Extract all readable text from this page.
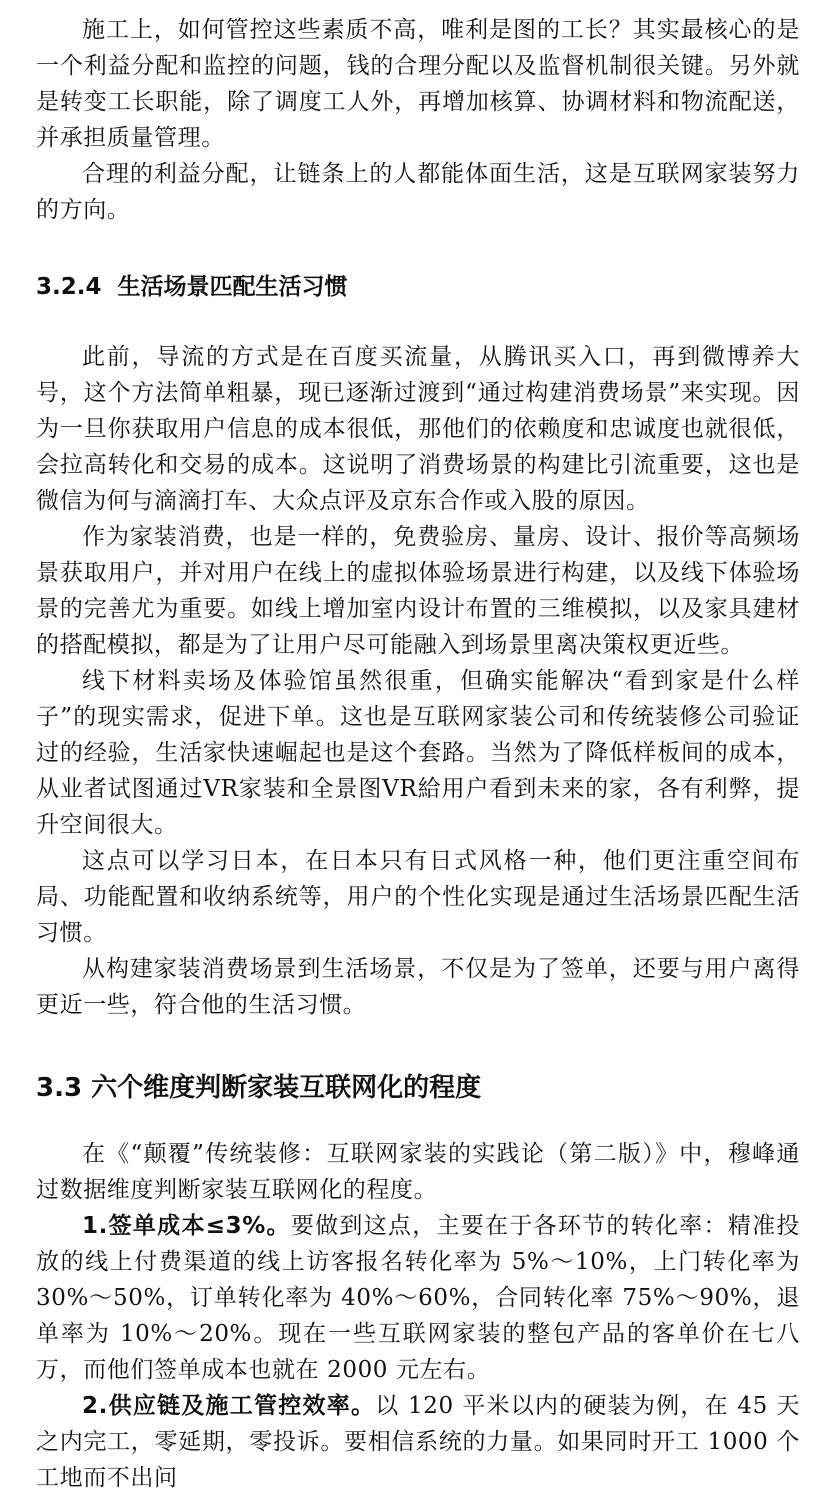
施工上，如何管控这些素质不高，唯利是图的工长？其实最核心的是一个利益分配和监控的问题，钱的合理分配以及监督机制很关键。另外就是转变工长职能，除了调度工人外，再增加核算、协调材料和物流配送，并承担质量管理。

合理的利益分配，让链条上的人都能体面生活，这是互联网家装努力的方向。

3.2.4 生活场景匹配生活习惯

此前，导流的方式是在百度买流量，从腾讯买入口，再到微博养大号，这个方法简单粗暴，现已逐渐过渡到“通过构建消费场景”来实现。因为一旦你获取用户信息的成本很低，那他们的依赖度和忠诚度也就很低，会拉高转化和交易的成本。这说明了消费场景的构建比引流重要，这也是微信为何与滴滴打车、大众点评及京东合作或入股的原因。

作为家装消费，也是一样的，免费验房、量房、设计、报价等高频场景获取用户，并对用户在线上的虚拟体验场景进行构建，以及线下体验场景的完善尤为重要。如线上增加室内设计布置的三维模拟，以及家具建材的搭配模拟，都是为了让用户尽可能融入到场景里离决策权更近些。

线下材料卖场及体验馆虽然很重，但确实能解决“看到家是什么样子”的现实需求，促进下单。这也是互联网家装公司和传统装修公司验证过的经验，生活家快速崛起也是这个套路。当然为了降低样板间的成本，从业者试图通过VR家装和全景图VR給用户看到未来的家，各有利弊，提升空间很大。

这点可以学习日本，在日本只有日式风格一种，他们更注重空间布局、功能配置和收纳系统等，用户的个性化实现是通过生活场景匹配生活习惯。

从构建家装消费场景到生活场景，不仅是为了签单，还要与用户离得更近一些，符合他的生活习惯。

3.3 六个维度判断家装互联网化的程度

在《“颠覆”传统装修：互联网家装的实践论（第二版）》中，穆峰通过数据维度判断家装互联网化的程度。

1.签单成本≤3%。要做到这点，主要在于各环节的转化率：精准投放的线上付费渠道的线上访客报名转化率为 5%～10%，上门转化率为 30%～50%，订单转化率为 40%～60%，合同转化率 75%～90%，退单率为 10%～20%。现在一些互联网家装的整包产品的客单价在七八万，而他们签单成本也就在 2000 元左右。

2.供应链及施工管控效率。以 120 平米以内的硬装为例，在 45 天之内完工，零延期，零投诉。要相信系统的力量。如果同时开工 1000 个工地而不出问
